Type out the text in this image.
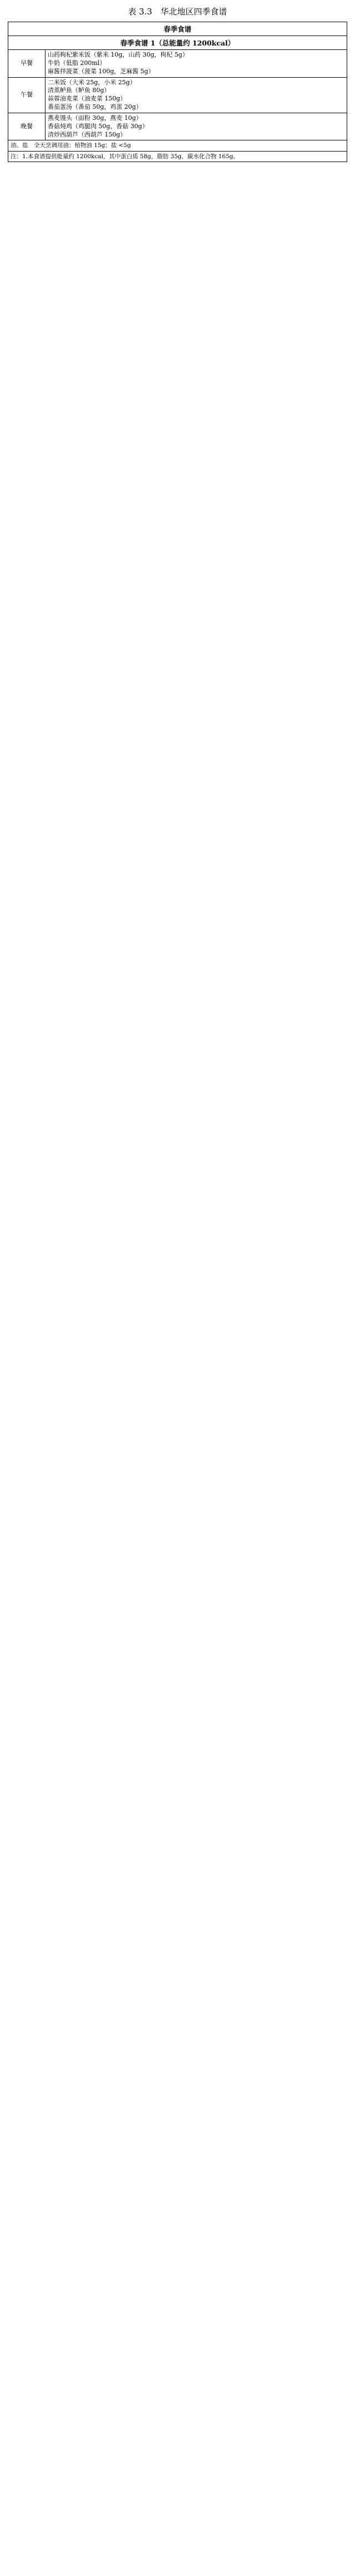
表 3.3　华北地区四季食谱
春季食谱
春季食谱 1（总能量约 1200kcal）
早餐	山药枸杞紫米饭（紫米 10g，山药 30g，枸杞 5g）
牛奶（低脂 200ml）
麻酱拌菠菜（菠菜 100g，芝麻酱 5g）

午餐	二米饭（大米 25g，小米 25g）
清蒸鲈鱼（鲈鱼 80g）
蒜蓉油麦菜（油麦菜 150g）
番茄蛋汤（番茄 50g，鸡蛋 20g）

晚餐	燕麦馒头（面粉 30g，燕麦 10g）
香菇炖鸡（鸡腿肉 50g，香菇 30g）
清炒西葫芦（西葫芦 150g）
油、盐　全天烹调用油：植物油 15g；盐 <5g
注：1.本食谱提供能量约 1200kcal，其中蛋白质 58g，脂肪 35g，碳水化合物 165g。
